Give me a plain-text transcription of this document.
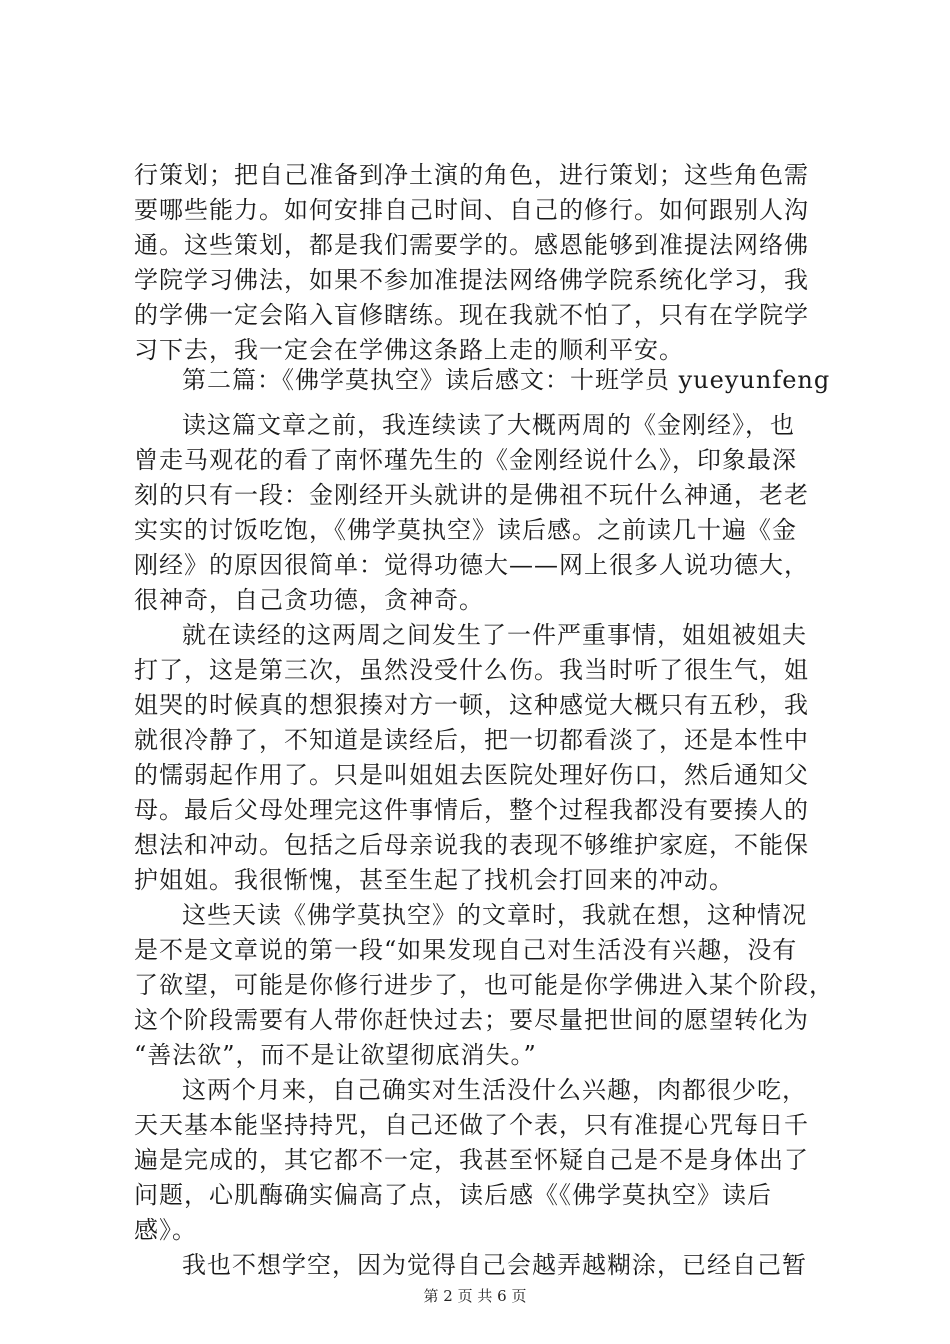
行策划；把自己准备到净土演的角色，进行策划；这些角色需
要哪些能力。如何安排自己时间、自己的修行。如何跟别人沟
通。这些策划，都是我们需要学的。感恩能够到准提法网络佛
学院学习佛法，如果不参加准提法网络佛学院系统化学习，我
的学佛一定会陷入盲修瞎练。现在我就不怕了，只有在学院学
习下去，我一定会在学佛这条路上走的顺利平安。
第二篇：《佛学莫执空》读后感文：十班学员 yueyunfeng
读这篇文章之前，我连续读了大概两周的《金刚经》，也
曾走马观花的看了南怀瑾先生的《金刚经说什么》，印象最深
刻的只有一段：金刚经开头就讲的是佛祖不玩什么神通，老老
实实的讨饭吃饱，《佛学莫执空》读后感。之前读几十遍《金
刚经》的原因很简单：觉得功德大——网上很多人说功德大，
很神奇，自己贪功德，贪神奇。
就在读经的这两周之间发生了一件严重事情，姐姐被姐夫
打了，这是第三次，虽然没受什么伤。我当时听了很生气，姐
姐哭的时候真的想狠揍对方一顿，这种感觉大概只有五秒，我
就很冷静了，不知道是读经后，把一切都看淡了，还是本性中
的懦弱起作用了。只是叫姐姐去医院处理好伤口，然后通知父
母。最后父母处理完这件事情后，整个过程我都没有要揍人的
想法和冲动。包括之后母亲说我的表现不够维护家庭，不能保
护姐姐。我很惭愧，甚至生起了找机会打回来的冲动。
这些天读《佛学莫执空》的文章时，我就在想，这种情况
是不是文章说的第一段“如果发现自己对生活没有兴趣，没有
了欲望，可能是你修行进步了，也可能是你学佛进入某个阶段，
这个阶段需要有人带你赶快过去；要尽量把世间的愿望转化为
“善法欲”，而不是让欲望彻底消失。”
这两个月来，自己确实对生活没什么兴趣，肉都很少吃，
天天基本能坚持持咒，自己还做了个表，只有准提心咒每日千
遍是完成的，其它都不一定，我甚至怀疑自己是不是身体出了
问题，心肌酶确实偏高了点，读后感《《佛学莫执空》读后
感》。
我也不想学空，因为觉得自己会越弄越糊涂，已经自己暂
第 2 页 共 6 页
